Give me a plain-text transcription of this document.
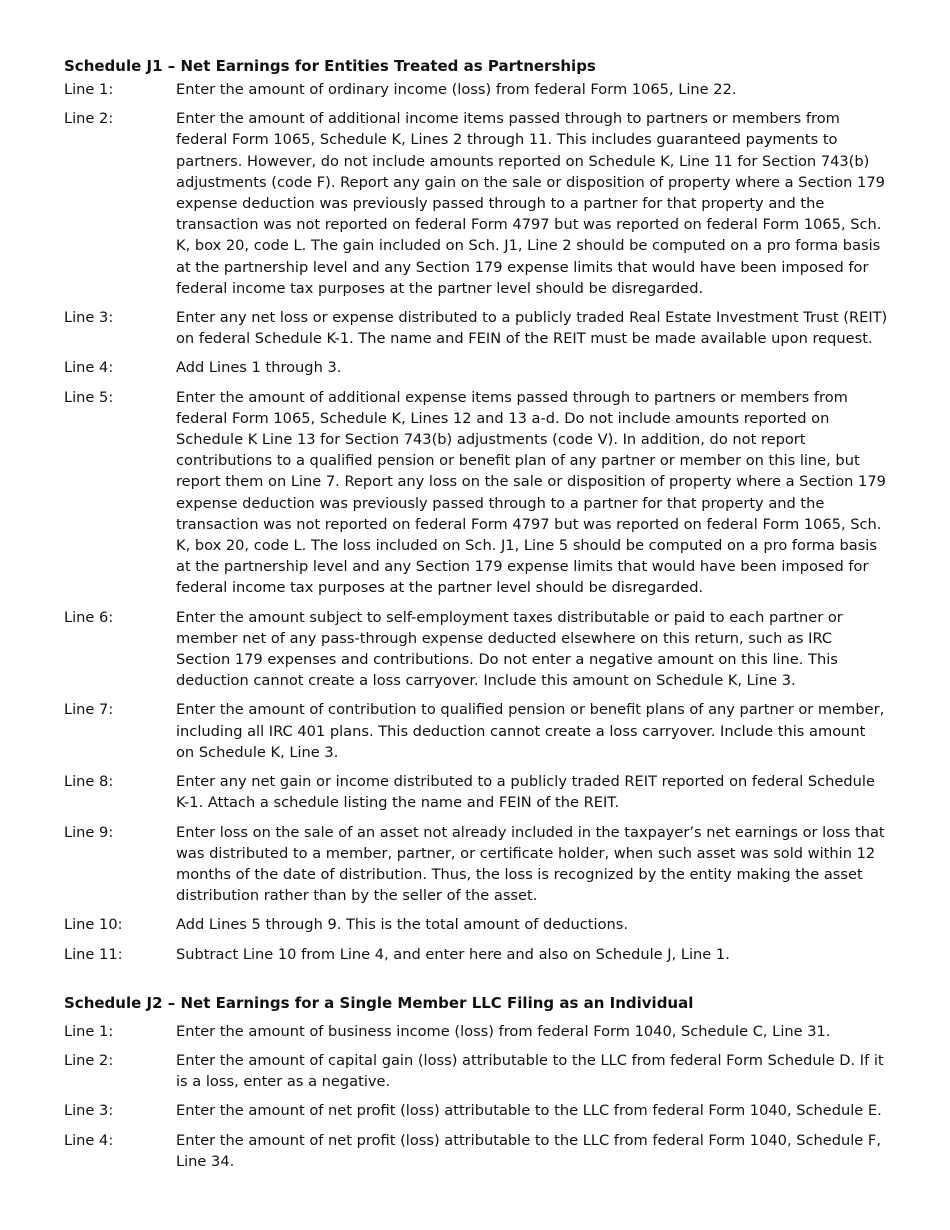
Schedule J1 – Net Earnings for Entities Treated as Partnerships
Line 1:	Enter the amount of ordinary income (loss) from federal Form 1065, Line 22.
Line 2:	Enter the amount of additional income items passed through to partners or members from federal Form 1065, Schedule K, Lines 2 through 11. This includes guaranteed payments to partners. However, do not include amounts reported on Schedule K, Line 11 for Section 743(b) adjustments (code F). Report any gain on the sale or disposition of property where a Section 179 expense deduction was previously passed through to a partner for that property and the transaction was not reported on federal Form 4797 but was reported on federal Form 1065, Sch. K, box 20, code L. The gain included on Sch. J1, Line 2 should be computed on a pro forma basis at the partnership level and any Section 179 expense limits that would have been imposed for federal income tax purposes at the partner level should be disregarded.
Line 3:	Enter any net loss or expense distributed to a publicly traded Real Estate Investment Trust (REIT) on federal Schedule K-1. The name and FEIN of the REIT must be made available upon request.
Line 4:	Add Lines 1 through 3.
Line 5:	Enter the amount of additional expense items passed through to partners or members from federal Form 1065, Schedule K, Lines 12 and 13 a-d. Do not include amounts reported on Schedule K Line 13 for Section 743(b) adjustments (code V). In addition, do not report contributions to a qualified pension or benefit plan of any partner or member on this line, but report them on Line 7. Report any loss on the sale or disposition of property where a Section 179 expense deduction was previously passed through to a partner for that property and the transaction was not reported on federal Form 4797 but was reported on federal Form 1065, Sch. K, box 20, code L. The loss included on Sch. J1, Line 5 should be computed on a pro forma basis at the partnership level and any Section 179 expense limits that would have been imposed for federal income tax purposes at the partner level should be disregarded.
Line 6:	Enter the amount subject to self-employment taxes distributable or paid to each partner or member net of any pass-through expense deducted elsewhere on this return, such as IRC Section 179 expenses and contributions. Do not enter a negative amount on this line. This deduction cannot create a loss carryover. Include this amount on Schedule K, Line 3.
Line 7:	Enter the amount of contribution to qualified pension or benefit plans of any partner or member, including all IRC 401 plans. This deduction cannot create a loss carryover. Include this amount on Schedule K, Line 3.
Line 8:	Enter any net gain or income distributed to a publicly traded REIT reported on federal Schedule K-1. Attach a schedule listing the name and FEIN of the REIT.
Line 9:	Enter loss on the sale of an asset not already included in the taxpayer’s net earnings or loss that was distributed to a member, partner, or certificate holder, when such asset was sold within 12 months of the date of distribution. Thus, the loss is recognized by the entity making the asset distribution rather than by the seller of the asset.
Line 10:	Add Lines 5 through 9. This is the total amount of deductions.
Line 11:	Subtract Line 10 from Line 4, and enter here and also on Schedule J, Line 1.
Schedule J2 – Net Earnings for a Single Member LLC Filing as an Individual
Line 1:	Enter the amount of business income (loss) from federal Form 1040, Schedule C, Line 31.
Line 2:	Enter the amount of capital gain (loss) attributable to the LLC from federal Form Schedule D. If it is a loss, enter as a negative.
Line 3:	Enter the amount of net profit (loss) attributable to the LLC from federal Form 1040, Schedule E.
Line 4:	Enter the amount of net profit (loss) attributable to the LLC from federal Form 1040, Schedule F, Line 34.
